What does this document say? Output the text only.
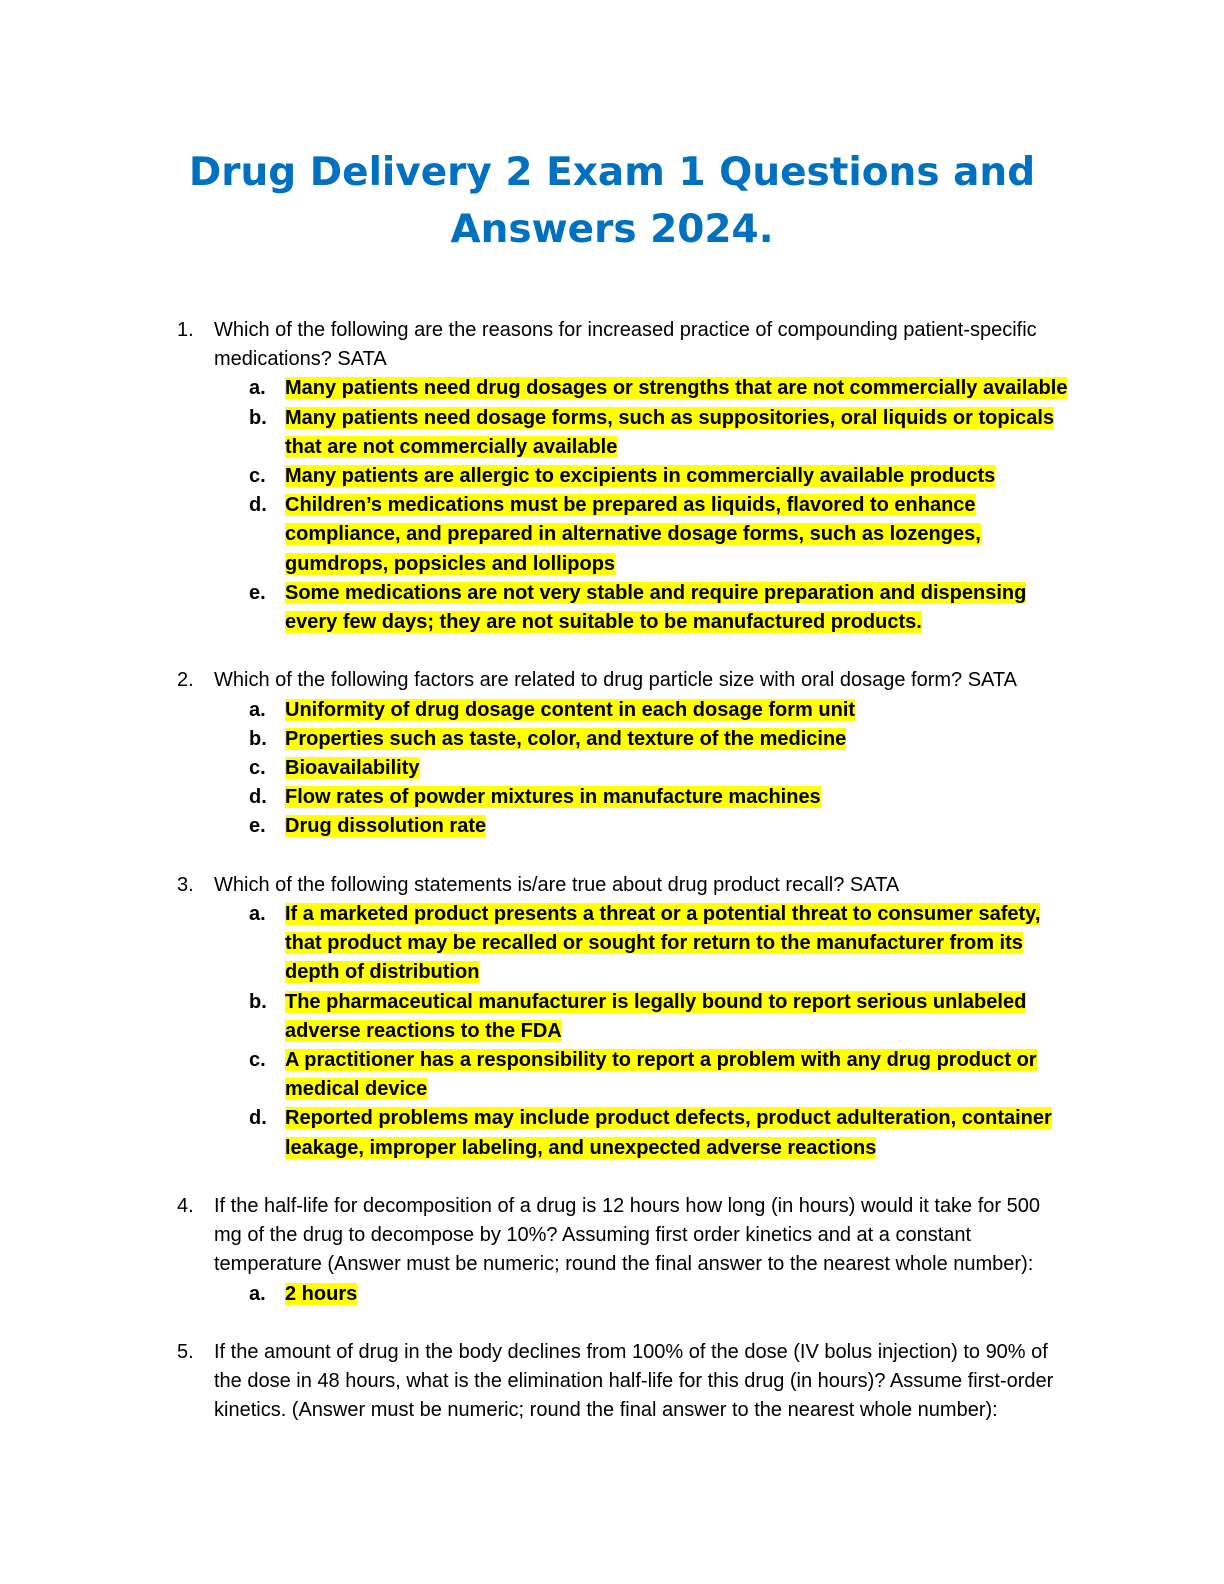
Drug Delivery 2 Exam 1 Questions and
Answers 2024.
1. Which of the following are the reasons for increased practice of compounding patient-specific medications? SATA
a. Many patients need drug dosages or strengths that are not commercially available
b. Many patients need dosage forms, such as suppositories, oral liquids or topicals that are not commercially available
c. Many patients are allergic to excipients in commercially available products
d. Children’s medications must be prepared as liquids, flavored to enhance compliance, and prepared in alternative dosage forms, such as lozenges, gumdrops, popsicles and lollipops
e. Some medications are not very stable and require preparation and dispensing every few days; they are not suitable to be manufactured products.
2. Which of the following factors are related to drug particle size with oral dosage form? SATA
a. Uniformity of drug dosage content in each dosage form unit
b. Properties such as taste, color, and texture of the medicine
c. Bioavailability
d. Flow rates of powder mixtures in manufacture machines
e. Drug dissolution rate
3. Which of the following statements is/are true about drug product recall? SATA
a. If a marketed product presents a threat or a potential threat to consumer safety, that product may be recalled or sought for return to the manufacturer from its depth of distribution
b. The pharmaceutical manufacturer is legally bound to report serious unlabeled adverse reactions to the FDA
c. A practitioner has a responsibility to report a problem with any drug product or medical device
d. Reported problems may include product defects, product adulteration, container leakage, improper labeling, and unexpected adverse reactions
4. If the half-life for decomposition of a drug is 12 hours how long (in hours) would it take for 500 mg of the drug to decompose by 10%? Assuming first order kinetics and at a constant temperature (Answer must be numeric; round the final answer to the nearest whole number):
a. 2 hours
5. If the amount of drug in the body declines from 100% of the dose (IV bolus injection) to 90% of the dose in 48 hours, what is the elimination half-life for this drug (in hours)? Assume first-order kinetics. (Answer must be numeric; round the final answer to the nearest whole number):
